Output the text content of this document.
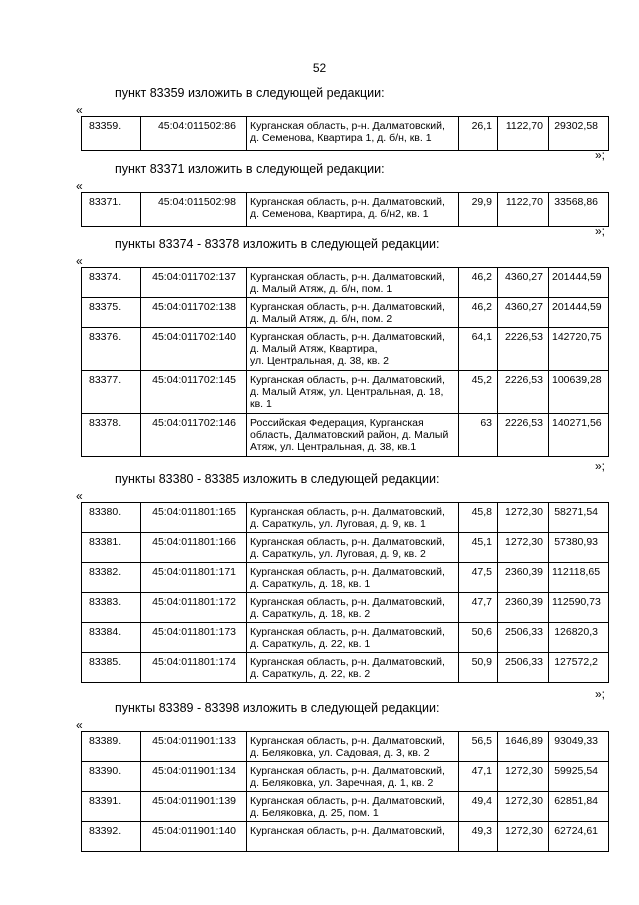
52
пункт 83359 изложить в следующей редакции:
«
83359.	45:04:011502:86	Курганская область, р-н. Далматовский,
д. Семенова, Квартира 1, д. б/н, кв. 1	26,1	1122,70	29302,58
»;
пункт 83371 изложить в следующей редакции:
«
83371.	45:04:011502:98	Курганская область, р-н. Далматовский,
д. Семенова, Квартира, д. б/н2, кв. 1	29,9	1122,70	33568,86
»;
пункты 83374 - 83378 изложить в следующей редакции:
«
83374.	45:04:011702:137	Курганская область, р-н. Далматовский,
д. Малый Атяж, д. б/н, пом. 1	46,2	4360,27	201444,59
83375.	45:04:011702:138	Курганская область, р-н. Далматовский,
д. Малый Атяж, д. б/н, пом. 2	46,2	4360,27	201444,59
83376.	45:04:011702:140	Курганская область, р-н. Далматовский,
д. Малый Атяж, Квартира,
ул. Центральная, д. 38, кв. 2	64,1	2226,53	142720,75
83377.	45:04:011702:145	Курганская область, р-н. Далматовский,
д. Малый Атяж, ул. Центральная, д. 18,
кв. 1	45,2	2226,53	100639,28
83378.	45:04:011702:146	Российская Федерация, Курганская
область, Далматовский район, д. Малый
Атяж, ул. Центральная, д. 38, кв.1	63	2226,53	140271,56
»;
пункты 83380 - 83385 изложить в следующей редакции:
«
83380.	45:04:011801:165	Курганская область, р-н. Далматовский,
д. Сараткуль, ул. Луговая, д. 9, кв. 1	45,8	1272,30	58271,54
83381.	45:04:011801:166	Курганская область, р-н. Далматовский,
д. Сараткуль, ул. Луговая, д. 9, кв. 2	45,1	1272,30	57380,93
83382.	45:04:011801:171	Курганская область, р-н. Далматовский,
д. Сараткуль, д. 18, кв. 1	47,5	2360,39	112118,65
83383.	45:04:011801:172	Курганская область, р-н. Далматовский,
д. Сараткуль, д. 18, кв. 2	47,7	2360,39	112590,73
83384.	45:04:011801:173	Курганская область, р-н. Далматовский,
д. Сараткуль, д. 22, кв. 1	50,6	2506,33	126820,3
83385.	45:04:011801:174	Курганская область, р-н. Далматовский,
д. Сараткуль, д. 22, кв. 2	50,9	2506,33	127572,2
»;
пункты 83389 - 83398 изложить в следующей редакции:
«
83389.	45:04:011901:133	Курганская область, р-н. Далматовский,
д. Беляковка, ул. Садовая, д. 3, кв. 2	56,5	1646,89	93049,33
83390.	45:04:011901:134	Курганская область, р-н. Далматовский,
д. Беляковка, ул. Заречная, д. 1, кв. 2	47,1	1272,30	59925,54
83391.	45:04:011901:139	Курганская область, р-н. Далматовский,
д. Беляковка, д. 25, пом. 1	49,4	1272,30	62851,84
83392.	45:04:011901:140	Курганская область, р-н. Далматовский,	49,3	1272,30	62724,61
